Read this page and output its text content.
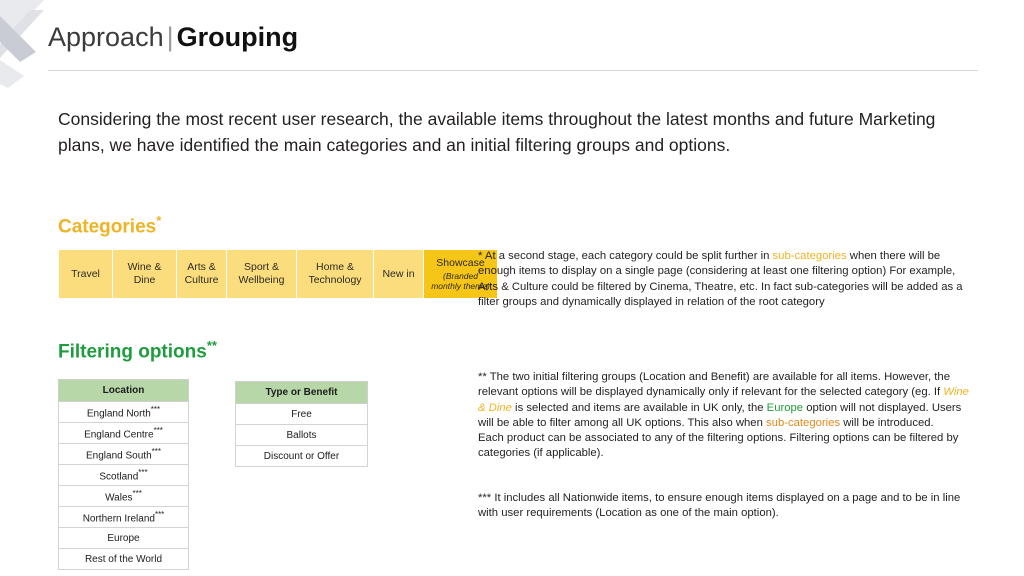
Approach | Grouping
Considering the most recent user research, the available items throughout the latest months and future Marketing plans, we have identified the main categories and an initial filtering groups and options.
Categories*
Travel	Wine & Dine	Arts & Culture	Sport & Wellbeing	Home & Technology	New in	Showcase
(Branded monthly theme)
Filtering options**
Location
England North***
England Centre***
England South***
Scotland***
Wales***
Northern Ireland***
Europe
Rest of the World
Type or Benefit
Free
Ballots
Discount or Offer

* At a second stage, each category could be split further in sub-categories when there will be enough items to display on a single page (considering at least one filtering option) For example, Arts & Culture could be filtered by Cinema, Theatre, etc. In fact sub-categories will be added as a filter groups and dynamically displayed in relation of the root category

** The two initial filtering groups (Location and Benefit) are available for all items. However, the relevant options will be displayed dynamically only if relevant for the selected category (eg. If Wine & Dine is selected and items are available in UK only, the Europe option will not displayed. Users will be able to filter among all UK options. This also when sub-categories will be introduced.

Each product can be associated to any of the filtering options. Filtering options can be filtered by categories (if applicable).

*** It includes all Nationwide items, to ensure enough items displayed on a page and to be in line with user requirements (Location as one of the main option).
